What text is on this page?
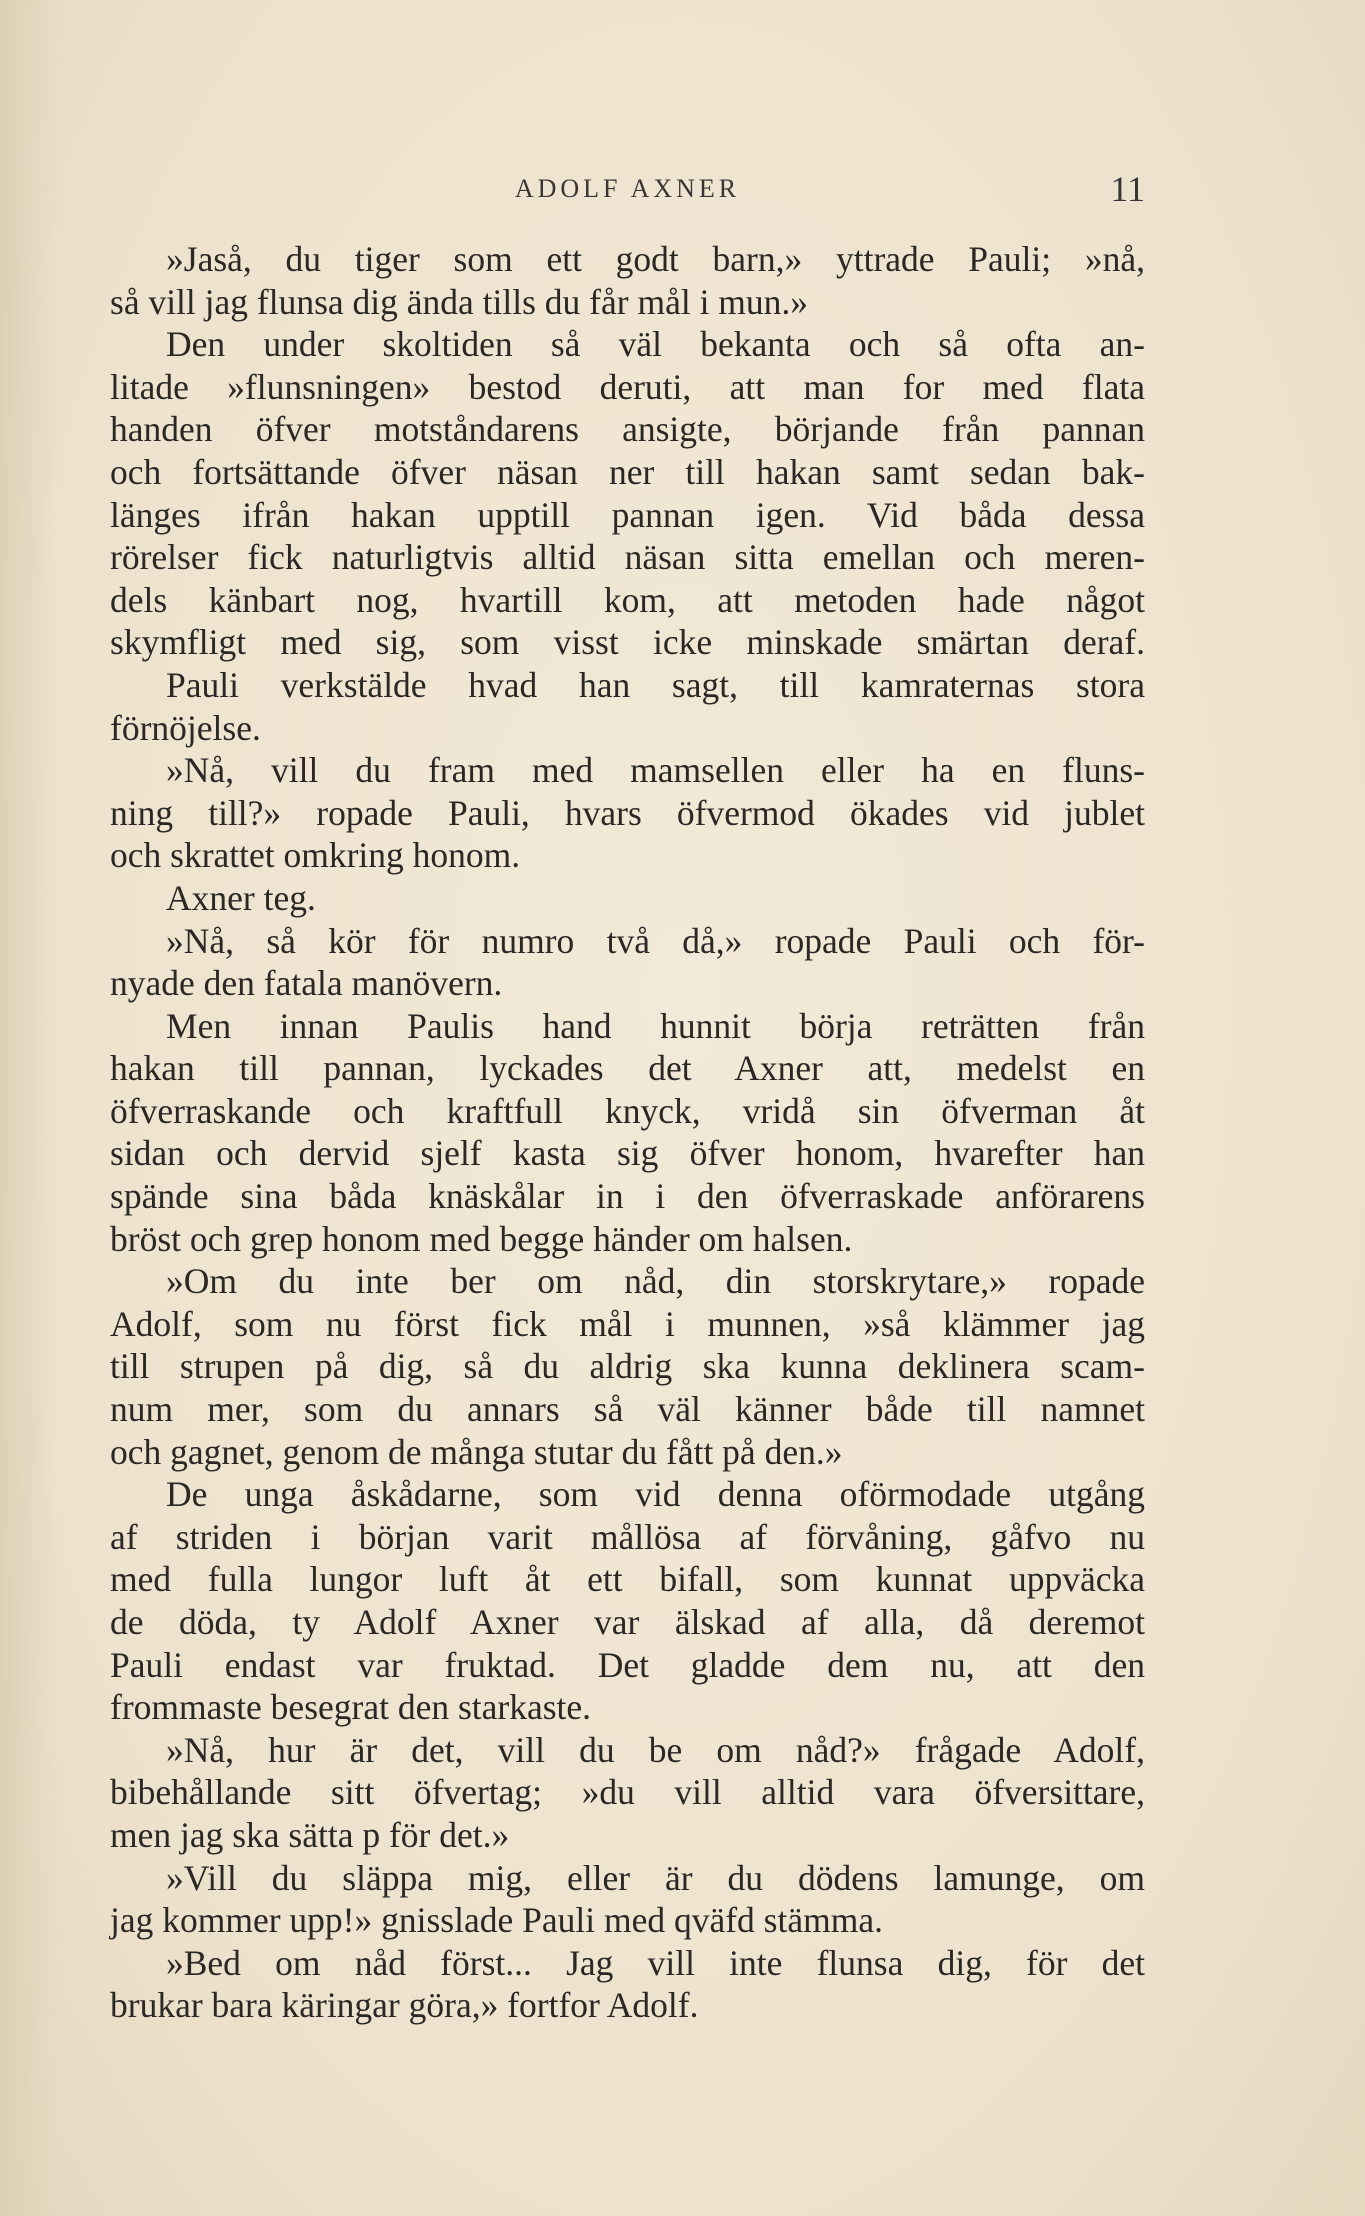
ADOLF AXNER	11
»Jaså, du tiger som ett godt barn,» yttrade Pauli; »nå,
så vill jag flunsa dig ända tills du får mål i mun.»
Den under skoltiden så väl bekanta och så ofta an-
litade »flunsningen» bestod deruti, att man for med flata
handen öfver motståndarens ansigte, börjande från pannan
och fortsättande öfver näsan ner till hakan samt sedan bak-
länges ifrån hakan upptill pannan igen. Vid båda dessa
rörelser fick naturligtvis alltid näsan sitta emellan och meren-
dels känbart nog, hvartill kom, att metoden hade något
skymfligt med sig, som visst icke minskade smärtan deraf.
Pauli verkstälde hvad han sagt, till kamraternas stora
förnöjelse.
»Nå, vill du fram med mamsellen eller ha en fluns-
ning till?» ropade Pauli, hvars öfvermod ökades vid jublet
och skrattet omkring honom.
Axner teg.
»Nå, så kör för numro två då,» ropade Pauli och för-
nyade den fatala manövern.
Men innan Paulis hand hunnit börja reträtten från
hakan till pannan, lyckades det Axner att, medelst en
öfverraskande och kraftfull knyck, vridå sin öfverman åt
sidan och dervid sjelf kasta sig öfver honom, hvarefter han
spände sina båda knäskålar in i den öfverraskade anförarens
bröst och grep honom med begge händer om halsen.
»Om du inte ber om nåd, din storskrytare,» ropade
Adolf, som nu först fick mål i munnen, »så klämmer jag
till strupen på dig, så du aldrig ska kunna deklinera scam-
num mer, som du annars så väl känner både till namnet
och gagnet, genom de många stutar du fått på den.»
De unga åskådarne, som vid denna oförmodade utgång
af striden i början varit mållösa af förvåning, gåfvo nu
med fulla lungor luft åt ett bifall, som kunnat uppväcka
de döda, ty Adolf Axner var älskad af alla, då deremot
Pauli endast var fruktad. Det gladde dem nu, att den
frommaste besegrat den starkaste.
»Nå, hur är det, vill du be om nåd?» frågade Adolf,
bibehållande sitt öfvertag; »du vill alltid vara öfversittare,
men jag ska sätta p för det.»
»Vill du släppa mig, eller är du dödens lamunge, om
jag kommer upp!» gnisslade Pauli med qväfd stämma.
»Bed om nåd först... Jag vill inte flunsa dig, för det
brukar bara käringar göra,» fortfor Adolf.
